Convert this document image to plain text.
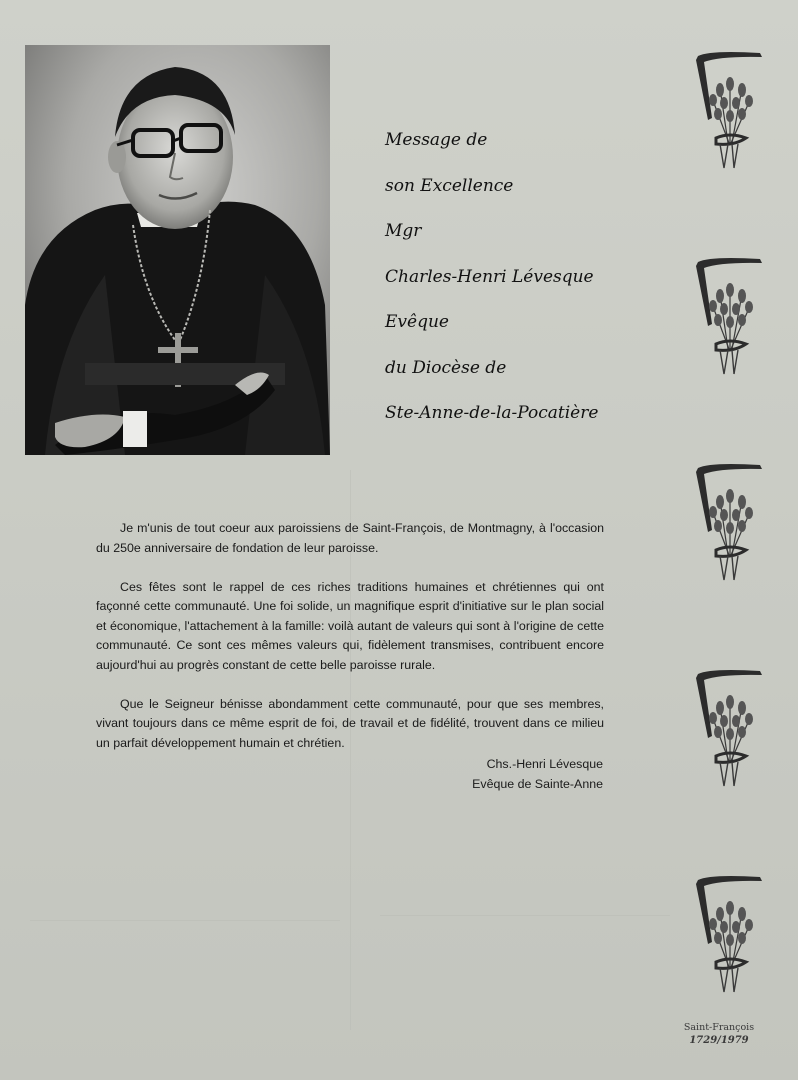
Message de
son Excellence
Mgr
Charles-Henri Lévesque
Evêque
du Diocèse de
Ste-Anne-de-la-Pocatière

Je m'unis de tout coeur aux paroissiens de Saint-François, de Montmagny, à l'occasion du 250e anniversaire de fondation de leur paroisse.

Ces fêtes sont le rappel de ces riches traditions humaines et chrétiennes qui ont façonné cette communauté. Une foi solide, un magnifique esprit d'initiative sur le plan social et économique, l'attachement à la famille: voilà autant de valeurs qui sont à l'origine de cette communauté. Ce sont ces mêmes valeurs qui, fidèlement transmises, contribuent encore aujourd'hui au progrès constant de cette belle paroisse rurale.

Que le Seigneur bénisse abondamment cette communauté, pour que ses membres, vivant toujours dans ce même esprit de foi, de travail et de fidélité, trouvent dans ce milieu un parfait développement humain et chrétien.

Chs.-Henri Lévesque
Evêque de Sainte-Anne
Saint-François
1729/1979
